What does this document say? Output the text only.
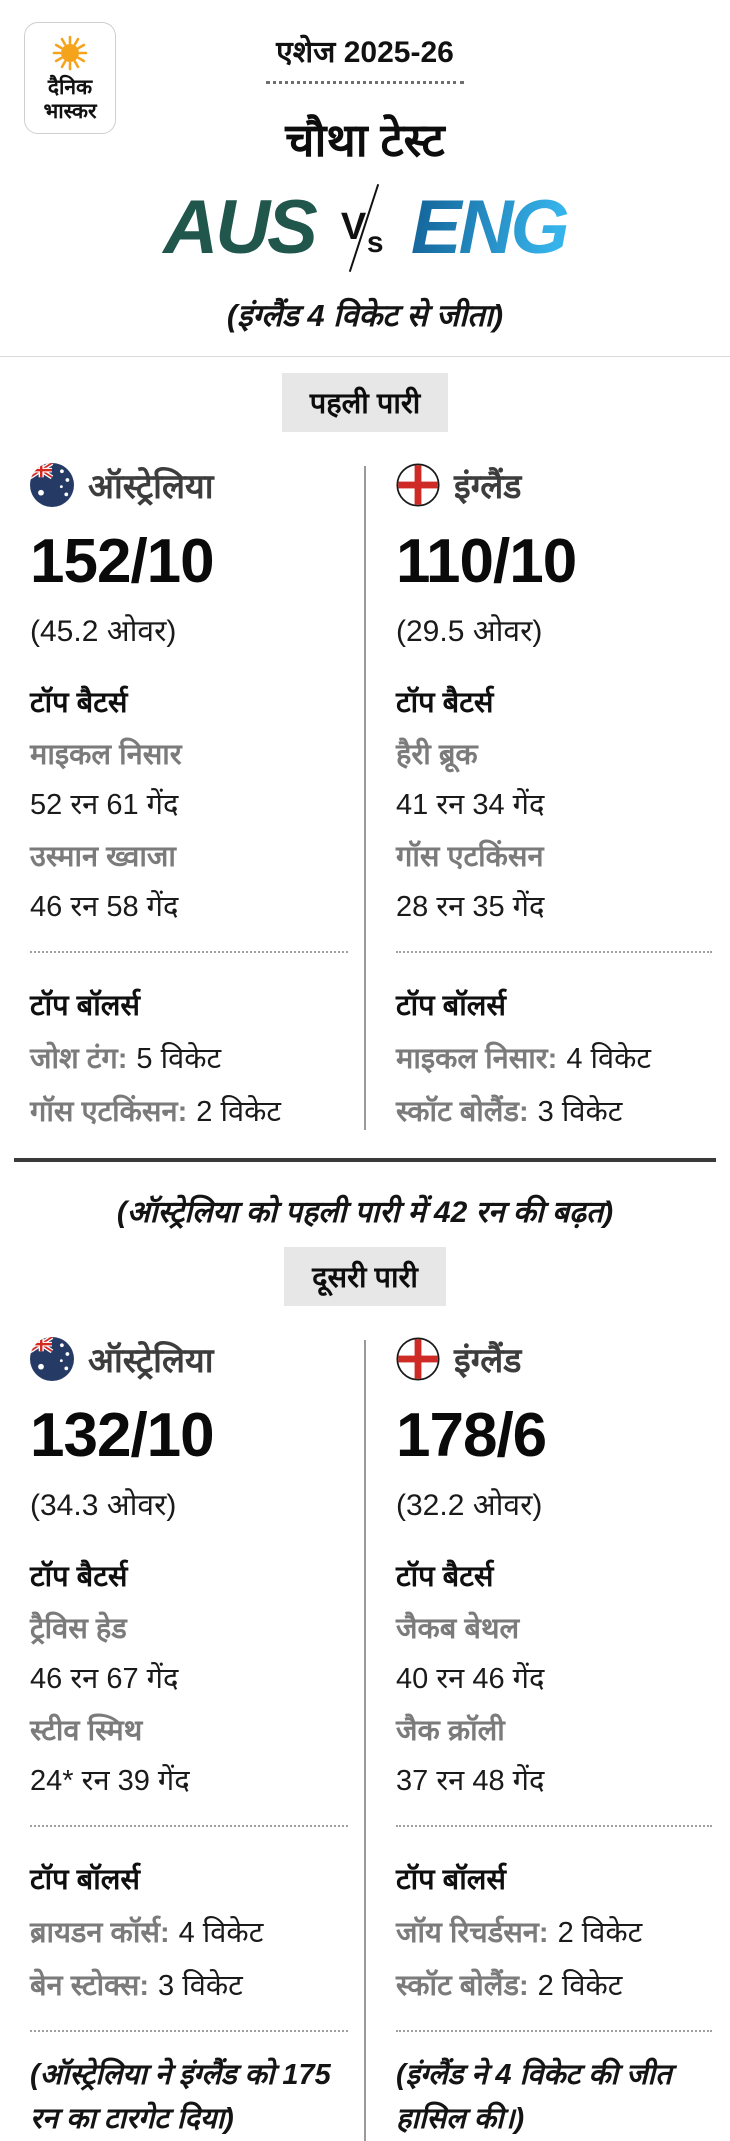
दैनिक
भास्कर
एशेज 2025-26
चौथा टेस्ट
AUS V s ENG
(इंग्लैंड 4 विकेट से जीता)
पहली पारी
ऑस्ट्रेलिया
152/10
(45.2 ओवर)
टॉप बैटर्स
माइकल निसार
52 रन 61 गेंद
उस्मान ख्वाजा
46 रन 58 गेंद
टॉप बॉलर्स
जोश टंग: 5 विकेट
गॉस एटकिंसन: 2 विकेट
इंग्लैंड
110/10
(29.5 ओवर)
टॉप बैटर्स
हैरी ब्रूक
41 रन 34 गेंद
गॉस एटकिंसन
28 रन 35 गेंद
टॉप बॉलर्स
माइकल निसार: 4 विकेट
स्कॉट बोलैंड: 3 विकेट
(ऑस्ट्रेलिया को पहली पारी में 42 रन की बढ़त)
दूसरी पारी
ऑस्ट्रेलिया
132/10
(34.3 ओवर)
टॉप बैटर्स
ट्रैविस हेड
46 रन 67 गेंद
स्टीव स्मिथ
24* रन 39 गेंद
टॉप बॉलर्स
ब्रायडन कॉर्स: 4 विकेट
बेन स्टोक्स: 3 विकेट
(ऑस्ट्रेलिया ने इंग्लैंड को 175 रन का टारगेट दिया)
इंग्लैंड
178/6
(32.2 ओवर)
टॉप बैटर्स
जैकब बेथल
40 रन 46 गेंद
जैक क्रॉली
37 रन 48 गेंद
टॉप बॉलर्स
जॉय रिचर्डसन: 2 विकेट
स्कॉट बोलैंड: 2 विकेट
(इंग्लैंड ने 4 विकेट की जीत हासिल की।)
